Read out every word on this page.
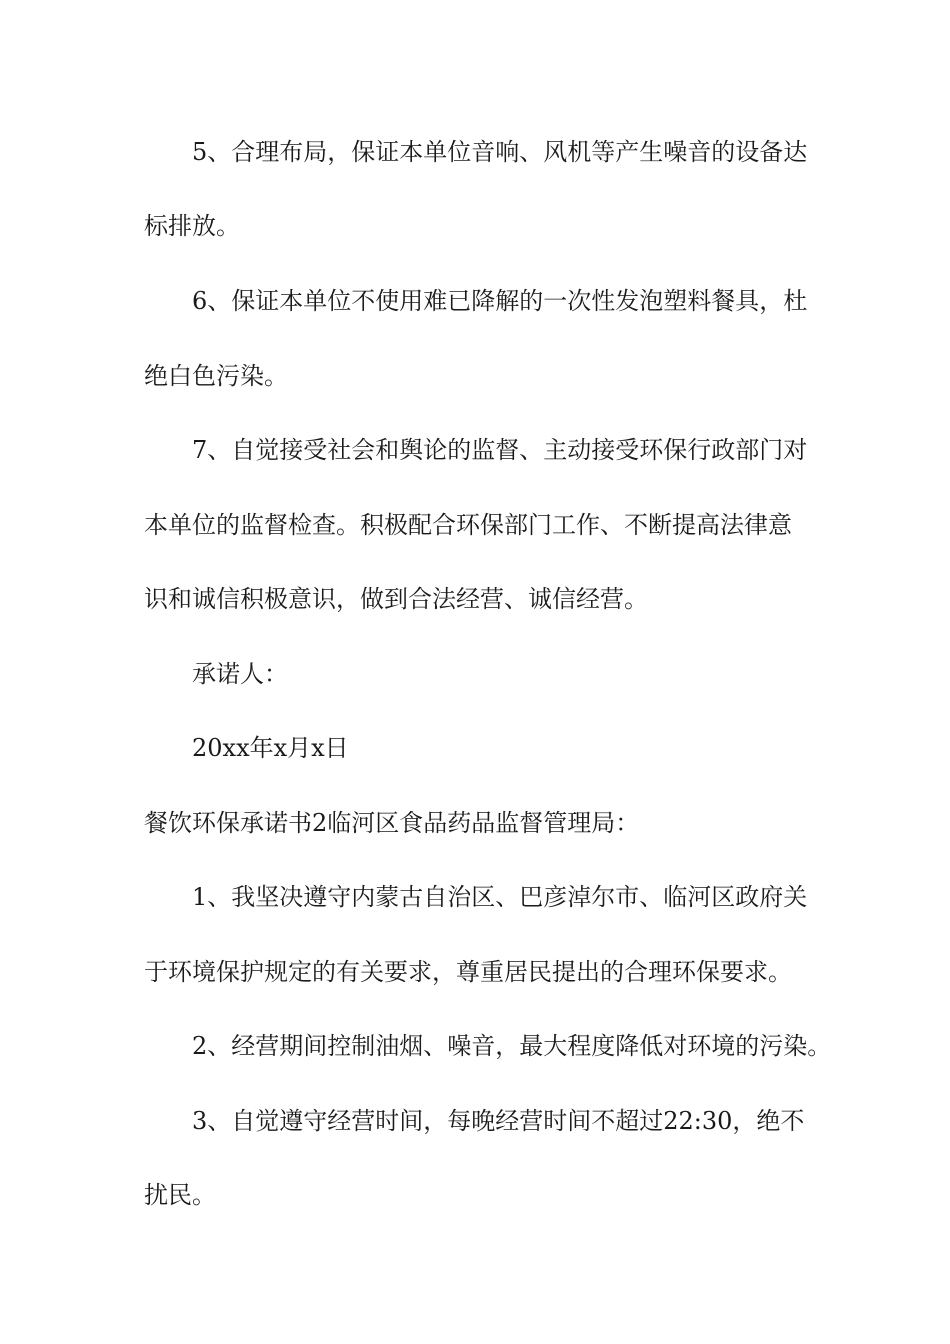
5、合理布局，保证本单位音响、风机等产生噪音的设备达
标排放。
6、保证本单位不使用难已降解的一次性发泡塑料餐具，杜
绝白色污染。
7、自觉接受社会和舆论的监督、主动接受环保行政部门对
本单位的监督检查。积极配合环保部门工作、不断提高法律意
识和诚信积极意识，做到合法经营、诚信经营。
承诺人：
20xx年x月x日
餐饮环保承诺书2临河区食品药品监督管理局：
1、我坚决遵守内蒙古自治区、巴彦淖尔市、临河区政府关
于环境保护规定的有关要求，尊重居民提出的合理环保要求。
2、经营期间控制油烟、噪音，最大程度降低对环境的污染。
3、自觉遵守经营时间，每晚经营时间不超过22:30，绝不
扰民。
